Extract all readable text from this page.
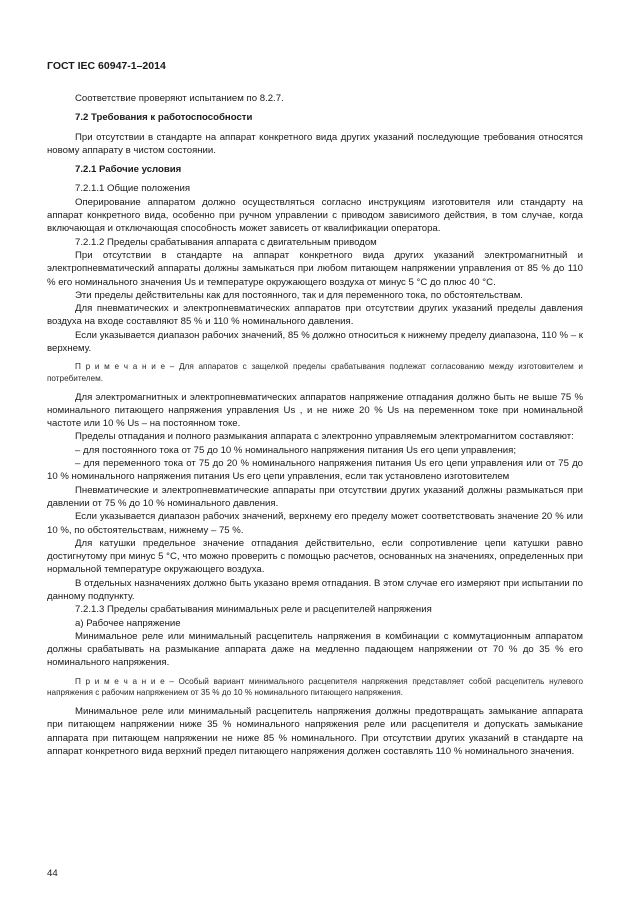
ГОСТ IEC 60947-1–2014

Соответствие проверяют испытанием по 8.2.7.

7.2 Требования к работоспособности

При отсутствии в стандарте на аппарат конкретного вида других указаний последующие требования относятся новому аппарату в чистом состоянии.

7.2.1 Рабочие условия

7.2.1.1 Общие положения

Оперирование аппаратом должно осуществляться согласно инструкциям изготовителя или стандарту на аппарат конкретного вида, особенно при ручном управлении с приводом зависимого действия, в том случае, когда включающая и отключающая способность может зависеть от квалификации оператора.

7.2.1.2 Пределы срабатывания аппарата с двигательным приводом

При отсутствии в стандарте на аппарат конкретного вида других указаний электромагнитный и электропневматический аппараты должны замыкаться при любом питающем напряжении управления от 85 % до 110 % его номинального значения Us и температуре окружающего воздуха от минус 5 °С до плюс 40 °С.

Эти пределы действительны как для постоянного, так и для переменного тока, по обстоятельствам.

Для пневматических и электропневматических аппаратов при отсутствии других указаний пределы давления воздуха на входе составляют 85 % и 110 % номинального давления.

Если указывается диапазон рабочих значений, 85 % должно относиться к нижнему пределу диапазона, 110 % – к верхнему.

П р и м е ч а н и е – Для аппаратов с защелкой пределы срабатывания подлежат согласованию между изготовителем и потребителем.

Для электромагнитных и электропневматических аппаратов напряжение отпадания должно быть не выше 75 % номинального питающего напряжения управления Us , и не ниже 20 % Us на переменном токе при номинальной частоте или 10 % Us – на постоянном токе.

Пределы отпадания и полного размыкания аппарата с электронно управляемым электромагнитом составляют:

– для постоянного тока от 75 до 10 % номинального напряжения питания Us его цепи управления;

– для переменного тока от 75 до 20 % номинального напряжения питания Us его цепи управления или от 75 до 10 % номинального напряжения питания Us его цепи управления, если так установлено изготовителем

Пневматические и электропневматические аппараты при отсутствии других указаний должны размыкаться при давлении от 75 % до 10 % номинального давления.

Если указывается диапазон рабочих значений, верхнему его пределу может соответствовать значение 20 % или 10 %, по обстоятельствам, нижнему – 75 %.

Для катушки предельное значение отпадания действительно, если сопротивление цепи катушки равно достигнутому при минус 5 °С, что можно проверить с помощью расчетов, основанных на значениях, определенных при нормальной температуре окружающего воздуха.

В отдельных назначениях должно быть указано время отпадания. В этом случае его измеряют при испытании по данному подпункту.

7.2.1.3 Пределы срабатывания минимальных реле и расцепителей напряжения

а) Рабочее напряжение

Минимальное реле или минимальный расцепитель напряжения в комбинации с коммутационным аппаратом должны срабатывать на размыкание аппарата даже на медленно падающем напряжении от 70 % до 35 % его номинального напряжения.

П р и м е ч а н и е – Особый вариант минимального расцепителя напряжения представляет собой расцепитель нулевого напряжения с рабочим напряжением от 35 % до 10 % номинального питающего напряжения.

Минимальное реле или минимальный расцепитель напряжения должны предотвращать замыкание аппарата при питающем напряжении ниже 35 % номинального напряжения реле или расцепителя и допускать замыкание аппарата при питающем напряжении не ниже 85 % номинального. При отсутствии других указаний в стандарте на аппарат конкретного вида верхний предел питающего напряжения должен составлять 110 % номинального значения.

44
